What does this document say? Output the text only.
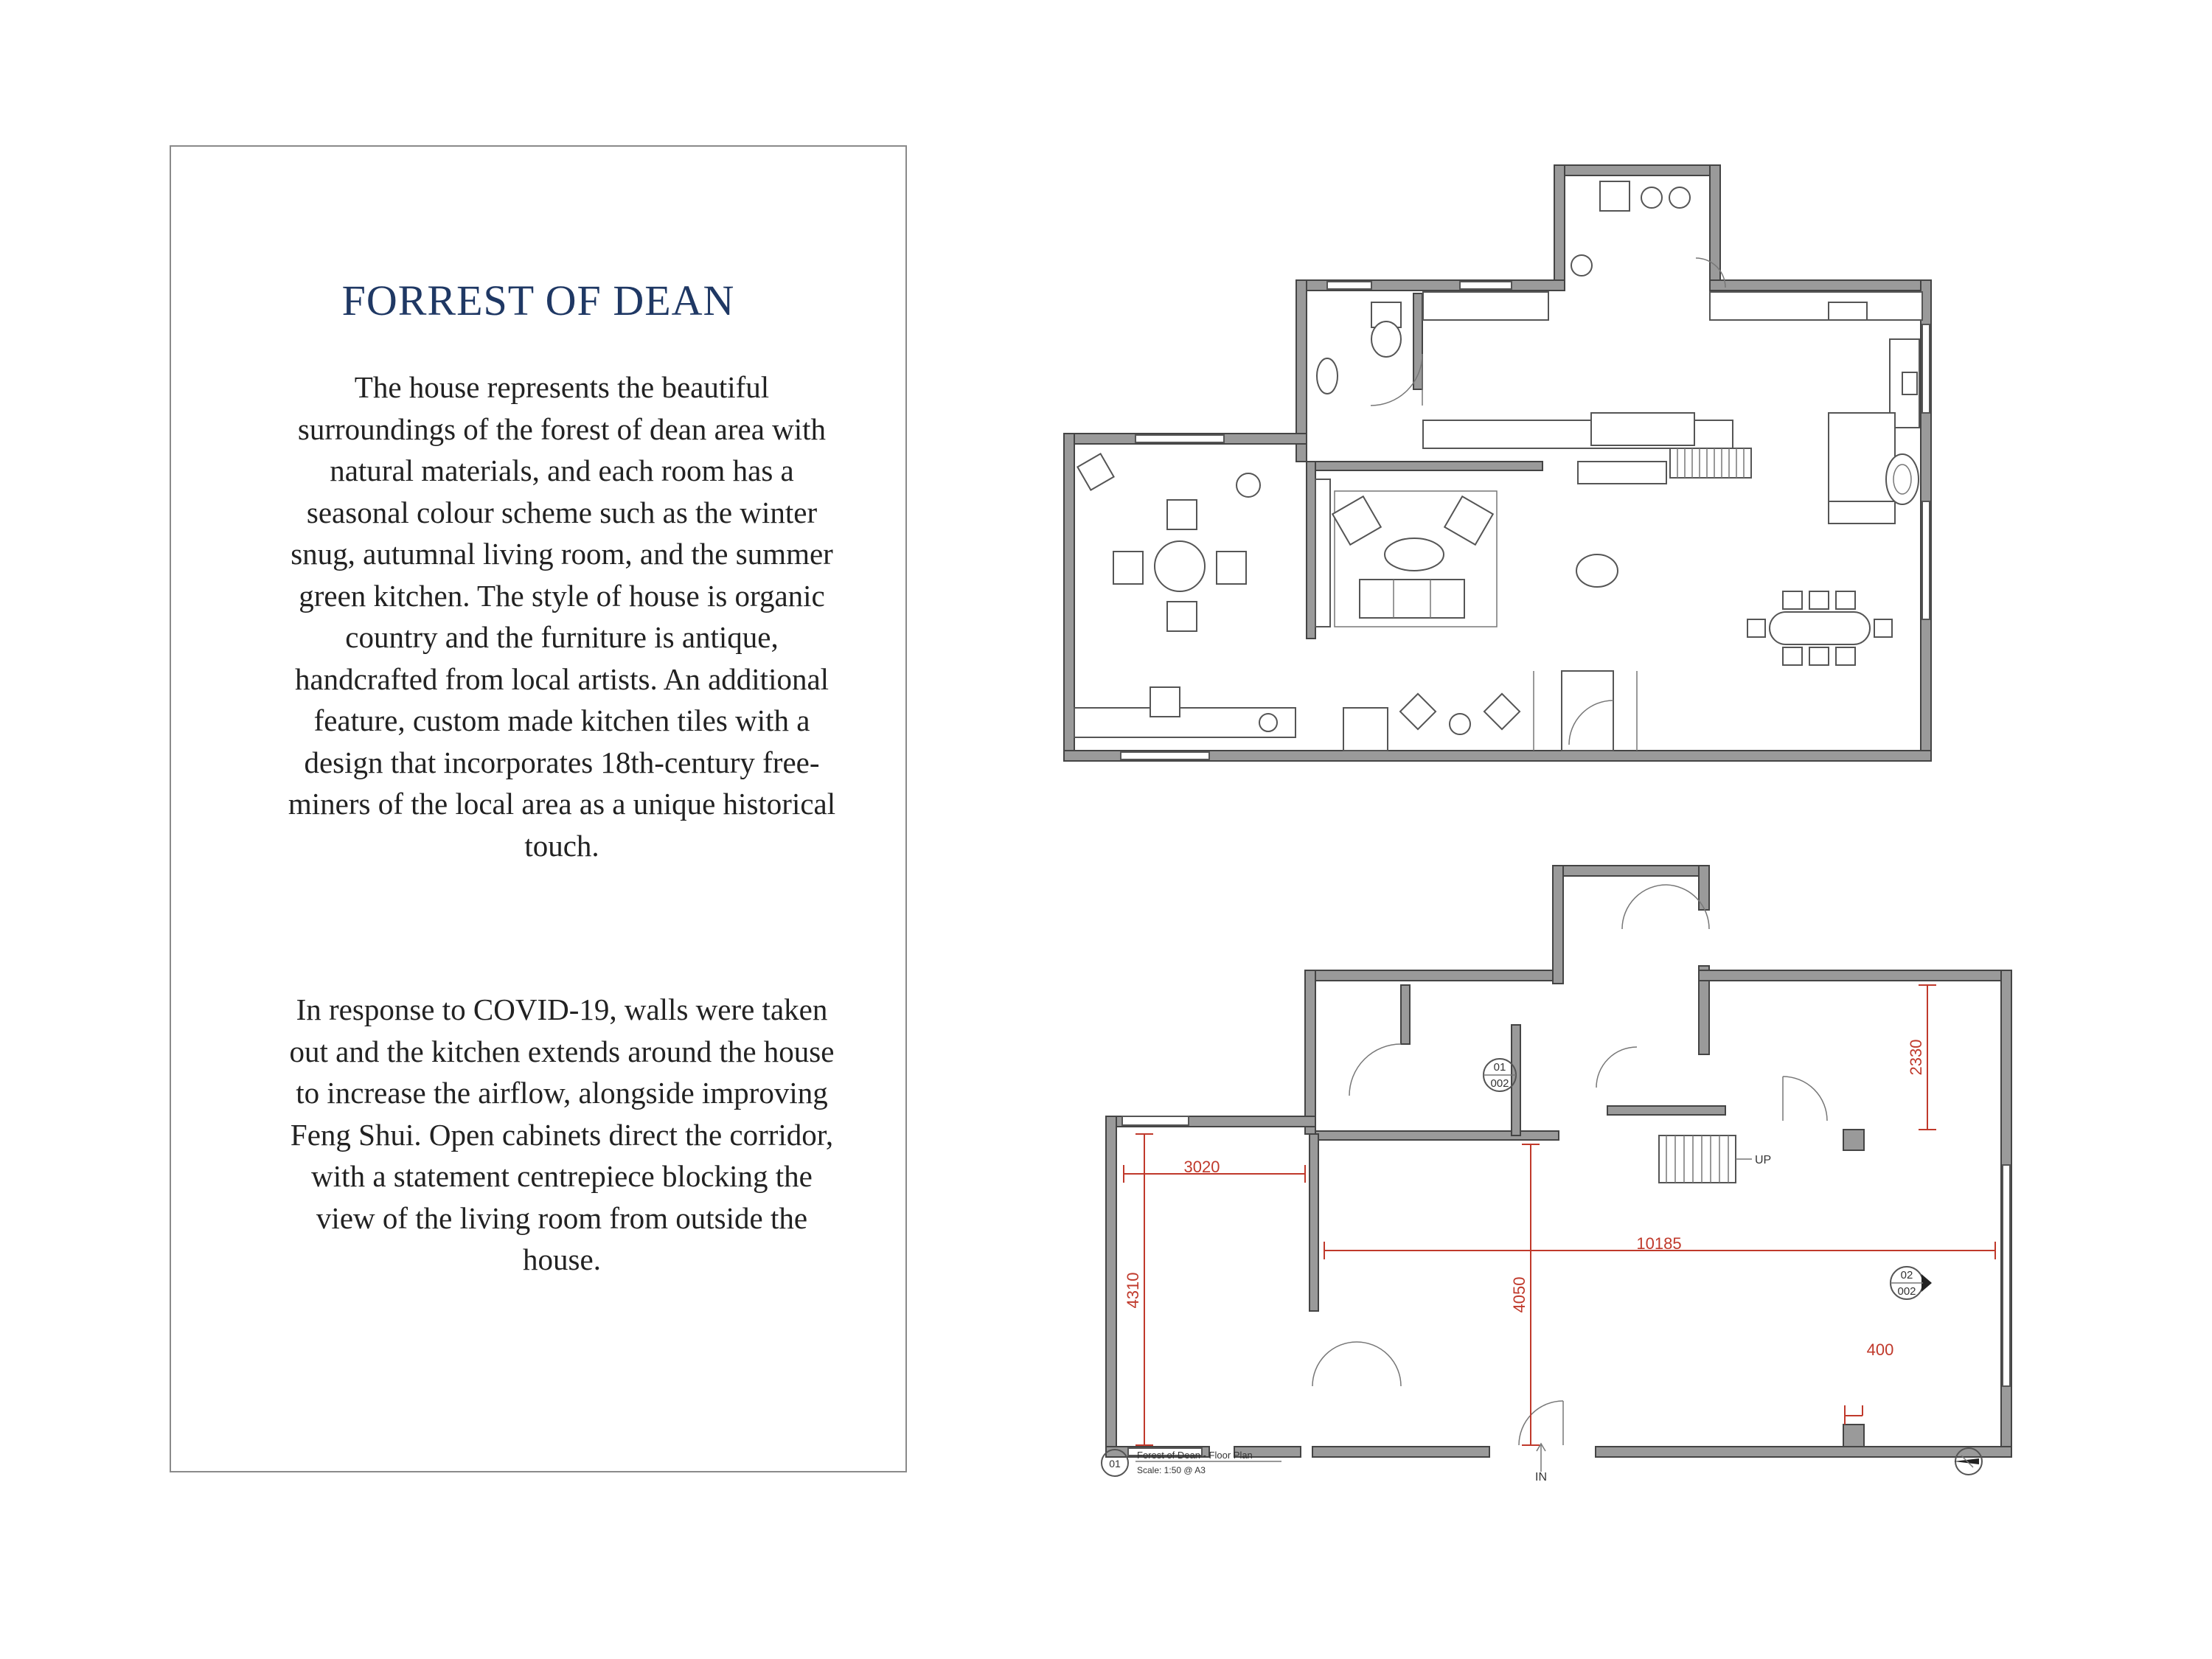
FORREST OF DEAN

The house represents the beautiful surroundings of the forest of dean area with natural materials, and each room has a seasonal colour scheme such as the winter snug, autumnal living room, and the summer green kitchen. The style of house is organic country and the furniture is antique, handcrafted from local artists. An additional feature, custom made kitchen tiles with a design that incorporates 18th-century free-miners of the local area as a unique historical touch.

In response to COVID-19, walls were taken out and the kitchen extends around the house to increase the airflow, alongside improving Feng Shui. Open cabinets direct the corridor, with a statement centrepiece blocking the view of the living room from outside the house.

3020
4310	4050
10185
2330
400
01
002
02
002
UP
IN
01
Forest of Dean - Floor Plan
Scale: 1:50 @ A3
